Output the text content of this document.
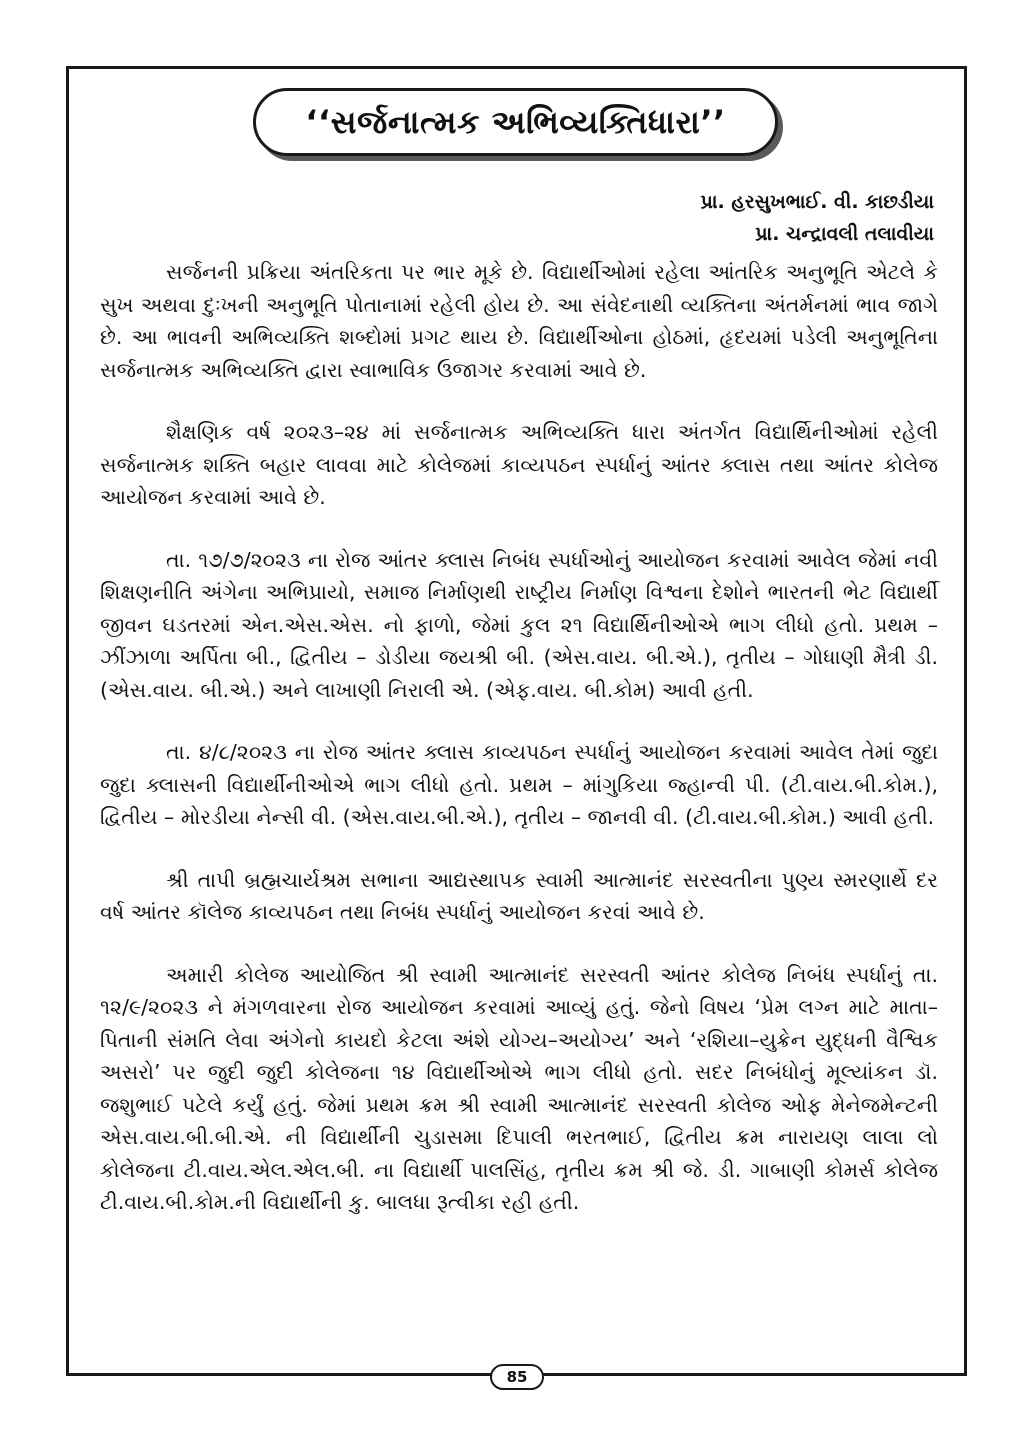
‘‘સર્જનાત્મક અભિવ્યક્તિધારા’’
પ્રા. હરસુખભાઈ. વી. કાછડીયા
પ્રા. ચન્દ્રાવલી તલાવીયા

સર્જનની પ્રક્રિયા અંતરિકતા પર ભાર મૂકે છે. વિદ્યાર્થીઓમાં રહેલા આંતરિક અનુભૂતિ એટલે કે સુખ અથવા દુઃખની અનુભૂતિ પોતાનામાં રહેલી હોય છે. આ સંવેદનાથી વ્યક્તિના અંતર્મનમાં ભાવ જાગે છે. આ ભાવની અભિવ્યક્તિ શબ્દોમાં પ્રગટ થાય છે. વિદ્યાર્થીઓના હોઠમાં, હૃદયમાં પડેલી અનુભૂતિના સર્જનાત્મક અભિવ્યક્તિ દ્વારા સ્વાભાવિક ઉજાગર કરવામાં આવે છે.

શૈક્ષણિક વર્ષ ૨૦૨૩–૨૪ માં સર્જનાત્મક અભિવ્યક્તિ ધારા અંતર્ગત વિદ્યાર્થિનીઓમાં રહેલી સર્જનાત્મક શક્તિ બહાર લાવવા માટે કોલેજમાં કાવ્યપઠન સ્પર્ધાનું આંતર ક્લાસ તથા આંતર કોલેજ આયોજન કરવામાં આવે છે.

તા. ૧૭/૭/૨૦૨૩ ના રોજ આંતર ક્લાસ નિબંધ સ્પર્ધાઓનું આયોજન કરવામાં આવેલ જેમાં નવી શિક્ષણનીતિ અંગેના અભિપ્રાયો, સમાજ નિર્માણથી રાષ્ટ્રીય નિર્માણ વિશ્વના દેશોને ભારતની ભેટ વિદ્યાર્થી જીવન ઘડતરમાં એન.એસ.એસ. નો ફાળો, જેમાં કુલ ૨૧ વિદ્યાર્થિનીઓએ ભાગ લીધો હતો. પ્રથમ – ઝીંઝાળા અર્પિતા બી., દ્વિતીય – ડોડીયા જયશ્રી બી. (એસ.વાય. બી.એ.), તૃતીય – ગોધાણી મૈત્રી ડી. (એસ.વાય. બી.એ.) અને લાખાણી નિરાલી એ. (એફ.વાય. બી.કોમ) આવી હતી.

તા. ૪/૮/૨૦૨૩ ના રોજ આંતર ક્લાસ કાવ્યપઠન સ્પર્ધાનું આયોજન કરવામાં આવેલ તેમાં જુદા જુદા ક્લાસની વિદ્યાર્થીનીઓએ ભાગ લીધો હતો. પ્રથમ – માંગુકિયા જ્હાન્વી પી. (ટી.વાય.બી.કોમ.), દ્વિતીય – મોરડીયા નેન્સી વી. (એસ.વાય.બી.એ.), તૃતીય – જાનવી વી. (ટી.વાય.બી.કોમ.) આવી હતી.

શ્રી તાપી બ્રહ્મચાર્યશ્રમ સભાના આદ્યસ્થાપક સ્વામી આત્માનંદ સરસ્વતીના પુણ્ય સ્મરણાર્થે દર વર્ષ આંતર કૉલેજ કાવ્યપઠન તથા નિબંધ સ્પર્ધાનું આયોજન કરવાં આવે છે.

અમારી કોલેજ આયોજિત શ્રી સ્વામી આત્માનંદ સરસ્વતી આંતર કોલેજ નિબંધ સ્પર્ધાનું તા. ૧૨/૯/૨૦૨૩ ને મંગળવારના રોજ આયોજન કરવામાં આવ્યું હતું. જેનો વિષય ‘પ્રેમ લગ્ન માટે માતા–પિતાની સંમતિ લેવા અંગેનો કાયદો કેટલા અંશે યોગ્ય–અયોગ્ય’ અને ‘રશિયા–યુક્રેન યુદ્ધની વૈશ્વિક અસરો’ પર જુદી જુદી કોલેજના ૧૪ વિદ્યાર્થીઓએ ભાગ લીધો હતો. સદર નિબંધોનું મૂલ્યાંકન ડૉ. જશુભાઈ પટેલે કર્યું હતું. જેમાં પ્રથમ ક્રમ શ્રી સ્વામી આત્માનંદ સરસ્વતી કોલેજ ઓફ મેનેજમેન્ટની એસ.વાય.બી.બી.એ. ની વિદ્યાર્થીની ચુડાસમા દિપાલી ભરતભાઈ, દ્વિતીય ક્રમ નારાયણ લાલા લો કોલેજના ટી.વાય.એલ.એલ.બી. ના વિદ્યાર્થી પાલસિંહ, તૃતીય ક્રમ શ્રી જે. ડી. ગાબાણી કોમર્સ કોલેજ ટી.વાય.બી.કોમ.ની વિદ્યાર્થીની કુ. બાલધા રૂત્વીકા રહી હતી.

85
